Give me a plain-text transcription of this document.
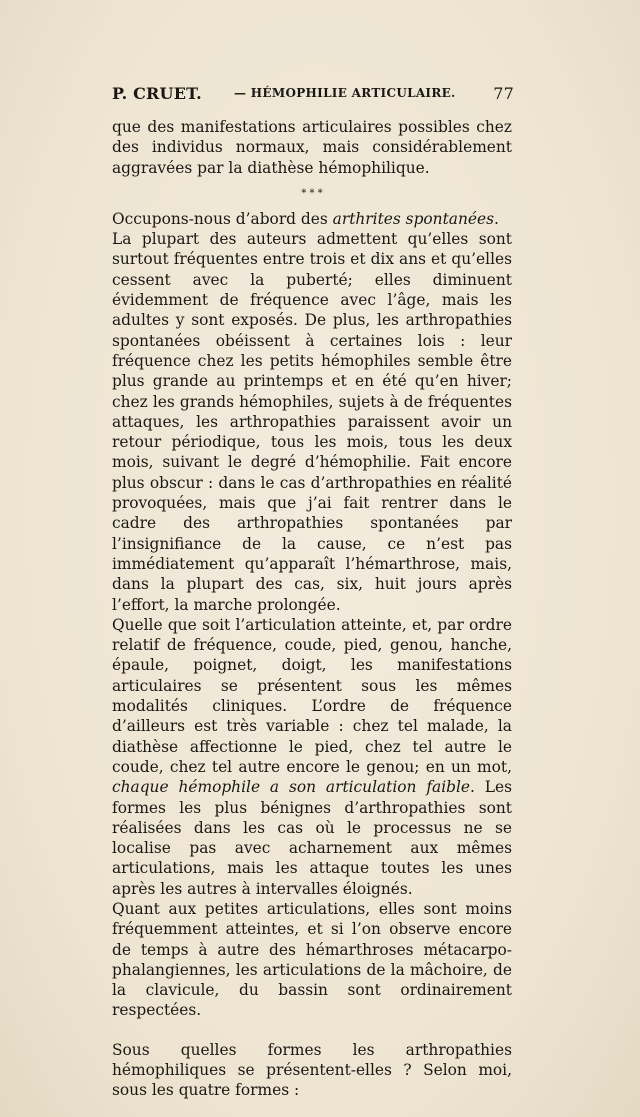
P. CRUET.	— HÉMOPHILIE ARTICULAIRE. 77

que des manifestations articulaires possibles chez des individus normaux, mais considérablement aggravées par la diathèse hémophilique.

* * *

Occupons-nous d’abord des arthrites spontanées.

La plupart des auteurs admettent qu’elles sont surtout fréquentes entre trois et dix ans et qu’elles cessent avec la puberté; elles diminuent évidemment de fréquence avec l’âge, mais les adultes y sont exposés. De plus, les arthropathies spontanées obéissent à certaines lois : leur fréquence chez les petits hémophiles semble être plus grande au printemps et en été qu’en hiver; chez les grands hémophiles, sujets à de fréquentes attaques, les arthropathies paraissent avoir un retour périodique, tous les mois, tous les deux mois, suivant le degré d’hémophilie. Fait encore plus obscur : dans le cas d’arthropathies en réalité provoquées, mais que j’ai fait rentrer dans le cadre des arthropathies spontanées par l’insignifiance de la cause, ce n’est pas immédiatement qu’apparaît l’hémarthrose, mais, dans la plupart des cas, six, huit jours après l’effort, la marche prolongée.

Quelle que soit l’articulation atteinte, et, par ordre relatif de fréquence, coude, pied, genou, hanche, épaule, poignet, doigt, les manifestations articulaires se présentent sous les mêmes modalités cliniques. L’ordre de fréquence d’ailleurs est très variable : chez tel malade, la diathèse affectionne le pied, chez tel autre le coude, chez tel autre encore le genou; en un mot, chaque hémophile a son articulation faible. Les formes les plus bénignes d’arthropathies sont réalisées dans les cas où le processus ne se localise pas avec acharnement aux mêmes articulations, mais les attaque toutes les unes après les autres à intervalles éloignés.

Quant aux petites articulations, elles sont moins fréquemment atteintes, et si l’on observe encore de temps à autre des hémarthroses métacarpo-phalangiennes, les articulations de la mâchoire, de la clavicule, du bassin sont ordinairement respectées.

Sous quelles formes les arthropathies hémophiliques se présentent-elles ? Selon moi, sous les quatre formes :
